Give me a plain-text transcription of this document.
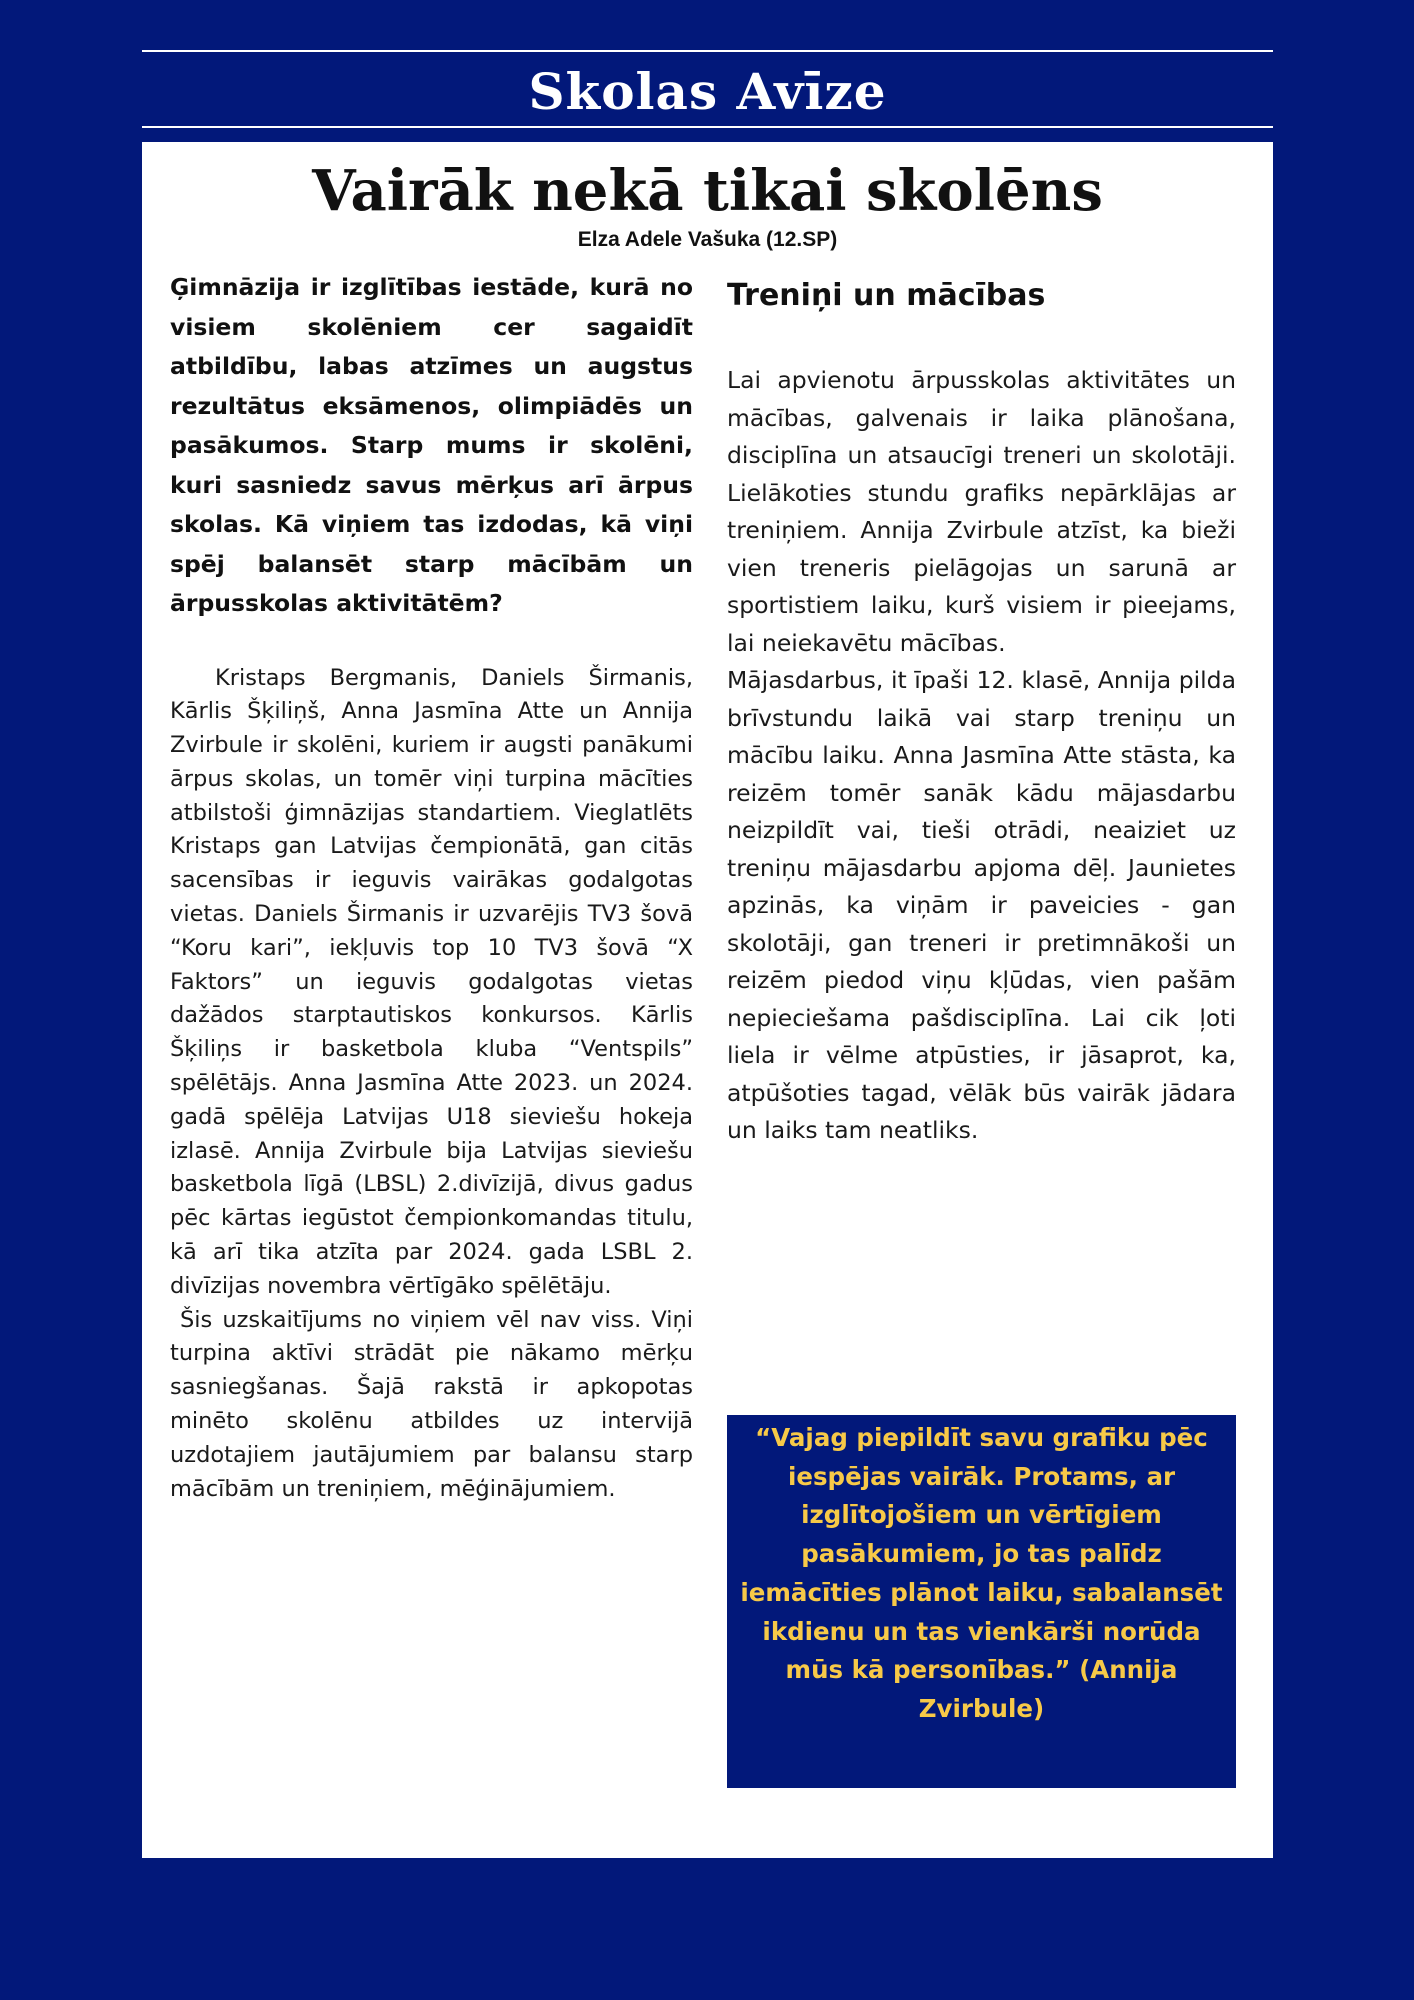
Skolas Avīze
Vairāk nekā tikai skolēns
Elza Adele Vašuka (12.SP)

Ģimnāzija ir izglītības iestāde, kurā no visiem skolēniem cer sagaidīt atbildību, labas atzīmes un augstus rezultātus eksāmenos, olimpiādēs un pasākumos. Starp mums ir skolēni, kuri sasniedz savus mērķus arī ārpus skolas. Kā viņiem tas izdodas, kā viņi spēj balansēt starp mācībām un ārpusskolas aktivitātēm?

Kristaps Bergmanis, Daniels Širmanis, Kārlis Šķiliņš, Anna Jasmīna Atte un Annija Zvirbule ir skolēni, kuriem ir augsti panākumi ārpus skolas, un tomēr viņi turpina mācīties atbilstoši ģimnāzijas standartiem. Vieglatlēts Kristaps gan Latvijas čempionātā, gan citās sacensības ir ieguvis vairākas godalgotas vietas. Daniels Širmanis ir uzvarējis TV3 šovā “Koru kari”, iekļuvis top 10 TV3 šovā “X Faktors” un ieguvis godalgotas vietas dažādos starptautiskos konkursos. Kārlis Šķiliņs ir basketbola kluba “Ventspils” spēlētājs. Anna Jasmīna Atte 2023. un 2024. gadā spēlēja Latvijas U18 sieviešu hokeja izlasē. Annija Zvirbule bija Latvijas sieviešu basketbola līgā (LBSL) 2.divīzijā, divus gadus pēc kārtas iegūstot čempionkomandas titulu, kā arī tika atzīta par 2024. gada LSBL 2. divīzijas novembra vērtīgāko spēlētāju.

Šis uzskaitījums no viņiem vēl nav viss. Viņi turpina aktīvi strādāt pie nākamo mērķu sasniegšanas. Šajā rakstā ir apkopotas minēto skolēnu atbildes uz intervijā uzdotajiem jautājumiem par balansu starp mācībām un treniņiem, mēģinājumiem.

Treniņi un mācības

Lai apvienotu ārpusskolas aktivitātes un mācības, galvenais ir laika plānošana, disciplīna un atsaucīgi treneri un skolotāji. Lielākoties stundu grafiks nepārklājas ar treniņiem. Annija Zvirbule atzīst, ka bieži vien treneris pielāgojas un sarunā ar sportistiem laiku, kurš visiem ir pieejams, lai neiekavētu mācības.

Mājasdarbus, it īpaši 12. klasē, Annija pilda brīvstundu laikā vai starp treniņu un mācību laiku. Anna Jasmīna Atte stāsta, ka reizēm tomēr sanāk kādu mājasdarbu neizpildīt vai, tieši otrādi, neaiziet uz treniņu mājasdarbu apjoma dēļ. Jaunietes apzinās, ka viņām ir paveicies - gan skolotāji, gan treneri ir pretimnākoši un reizēm piedod viņu kļūdas, vien pašām nepieciešama pašdisciplīna. Lai cik ļoti liela ir vēlme atpūsties, ir jāsaprot, ka, atpūšoties tagad, vēlāk būs vairāk jādara un laiks tam neatliks.

“Vajag piepildīt savu grafiku pēc iespējas vairāk. Protams, ar izglītojošiem un vērtīgiem pasākumiem, jo tas palīdz iemācīties plānot laiku, sabalansēt ikdienu un tas vienkārši norūda mūs kā personības.” (Annija Zvirbule)
